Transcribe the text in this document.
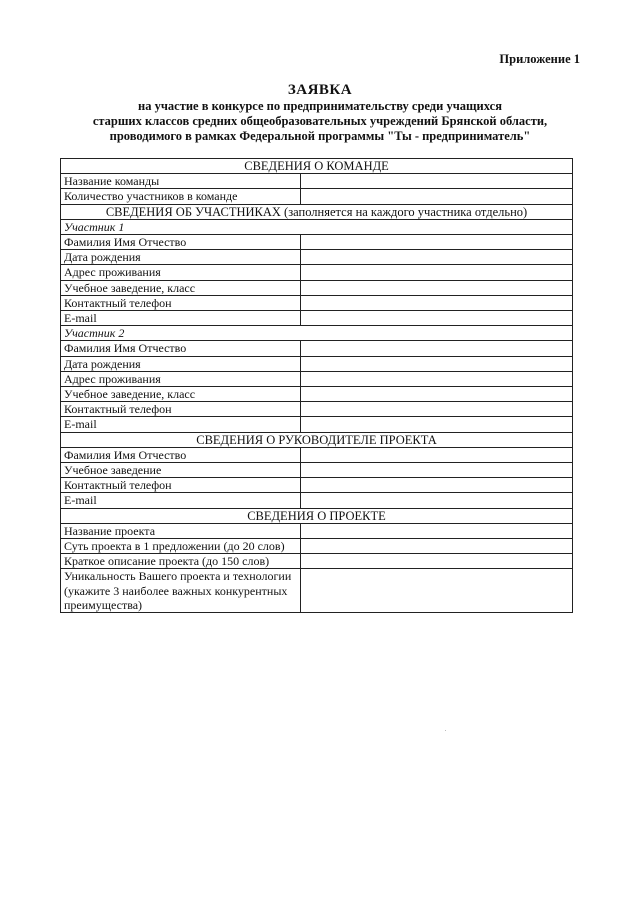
Приложение 1
ЗАЯВКА
на участие в конкурсе по предпринимательству среди учащихся
старших классов средних общеобразовательных учреждений Брянской области,
проводимого в рамках Федеральной программы "Ты - предприниматель"
СВЕДЕНИЯ О КОМАНДЕ	
Название команды	
Количество участников в команде	
СВЕДЕНИЯ ОБ УЧАСТНИКАХ (заполняется на каждого участника отдельно)	
Участник 1	
Фамилия Имя Отчество	
Дата рождения	
Адрес проживания	
Учебное заведение, класс	
Контактный телефон	
E-mail	
Участник 2	
Фамилия Имя Отчество	
Дата рождения	
Адрес проживания	
Учебное заведение, класс	
Контактный телефон	
E-mail	
СВЕДЕНИЯ О РУКОВОДИТЕЛЕ ПРОЕКТА	
Фамилия Имя Отчество	
Учебное заведение	
Контактный телефон	
E-mail	
СВЕДЕНИЯ О ПРОЕКТЕ	
Название проекта	
Суть проекта в 1 предложении (до 20 слов)	
Краткое описание проекта (до 150 слов)	
Уникальность Вашего проекта и технологии (укажите 3 наиболее важных конкурентных преимущества)	
